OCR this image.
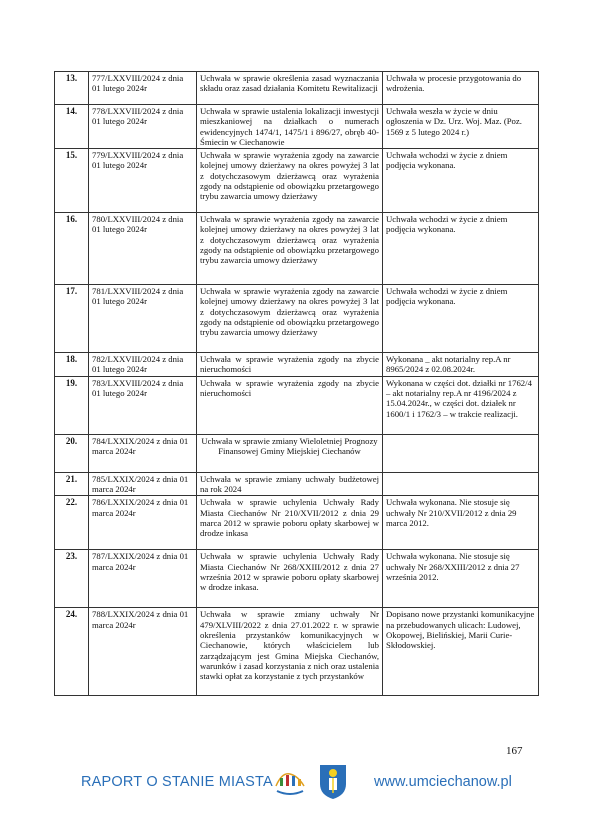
13.	777/LXXVIII/2024 z dnia 01 lutego 2024r	Uchwała w sprawie określenia zasad wyznaczania składu oraz zasad działania Komitetu Rewitalizacji	Uchwała w procesie przygotowania do wdrożenia.
14.	778/LXXVIII/2024 z dnia 01 lutego 2024r	Uchwała w sprawie ustalenia lokalizacji inwestycji mieszkaniowej na działkach o numerach ewidencyjnych 1474/1, 1475/1 i 896/27, obręb 40-Śmiecin w Ciechanowie	Uchwała weszła w życie w dniu ogłoszenia w Dz. Urz. Woj. Maz. (Poz. 1569 z 5 lutego 2024 r.)
15.	779/LXXVIII/2024 z dnia 01 lutego 2024r	Uchwała w sprawie wyrażenia zgody na zawarcie kolejnej umowy dzierżawy na okres powyżej 3 lat z dotychczasowym dzierżawcą oraz wyrażenia zgody na odstąpienie od obowiązku przetargowego trybu zawarcia umowy dzierżawy	Uchwała wchodzi w życie z dniem podjęcia wykonana.
16.	780/LXXVIII/2024 z dnia 01 lutego 2024r	Uchwała w sprawie wyrażenia zgody na zawarcie kolejnej umowy dzierżawy na okres powyżej 3 lat z dotychczasowym dzierżawcą oraz wyrażenia zgody na odstąpienie od obowiązku przetargowego trybu zawarcia umowy dzierżawy	Uchwała wchodzi w życie z dniem podjęcia wykonana.
17.	781/LXXVIII/2024 z dnia 01 lutego 2024r	Uchwała w sprawie wyrażenia zgody na zawarcie kolejnej umowy dzierżawy na okres powyżej 3 lat z dotychczasowym dzierżawcą oraz wyrażenia zgody na odstąpienie od obowiązku przetargowego trybu zawarcia umowy dzierżawy	Uchwała wchodzi w życie z dniem podjęcia wykonana.
18.	782/LXXVIII/2024 z dnia 01 lutego 2024r	Uchwała w sprawie wyrażenia zgody na zbycie nieruchomości	Wykonana _ akt notarialny rep.A nr 8965/2024 z 02.08.2024r.
19.	783/LXXVIII/2024 z dnia 01 lutego 2024r	Uchwała w sprawie wyrażenia zgody na zbycie nieruchomości	Wykonana w części dot. działki nr 1762/4 – akt notarialny rep.A nr 4196/2024 z 15.04.2024r., w części dot. działek nr 1600/1 i 1762/3 – w trakcie realizacji.
20.	784/LXXIX/2024 z dnia 01 marca 2024r	Uchwała w sprawie zmiany Wieloletniej Prognozy Finansowej Gminy Miejskiej Ciechanów	
21.	785/LXXIX/2024 z dnia 01 marca 2024r	Uchwała w sprawie zmiany uchwały budżetowej na rok 2024	
22.	786/LXXIX/2024 z dnia 01 marca 2024r	Uchwała w sprawie uchylenia Uchwały Rady Miasta Ciechanów Nr 210/XVII/2012 z dnia 29 marca 2012 w sprawie poboru opłaty skarbowej w drodze inkasa	Uchwała wykonana. Nie stosuje się uchwały Nr 210/XVII/2012 z dnia 29 marca 2012.
23.	787/LXXIX/2024 z dnia 01 marca 2024r	Uchwała w sprawie uchylenia Uchwały Rady Miasta Ciechanów Nr 268/XXIII/2012 z dnia 27 września 2012 w sprawie poboru opłaty skarbowej w drodze inkasa.	Uchwała wykonana. Nie stosuje się uchwały Nr 268/XXIII/2012 z dnia 27 września 2012.
24.	788/LXXIX/2024 z dnia 01 marca 2024r	Uchwała w sprawie zmiany uchwały Nr 479/XLVIII/2022 z dnia 27.01.2022 r. w sprawie określenia przystanków komunikacyjnych w Ciechanowie, których właścicielem lub zarządzającym jest Gmina Miejska Ciechanów, warunków i zasad korzystania z nich oraz ustalenia stawki opłat za korzystanie z tych przystanków	Dopisano nowe przystanki komunikacyjne na przebudowanych ulicach: Ludowej, Okopowej, Bielińskiej, Marii Curie-Skłodowskiej.
167
RAPORT O STANIE MIASTA	www.umciechanow.pl
